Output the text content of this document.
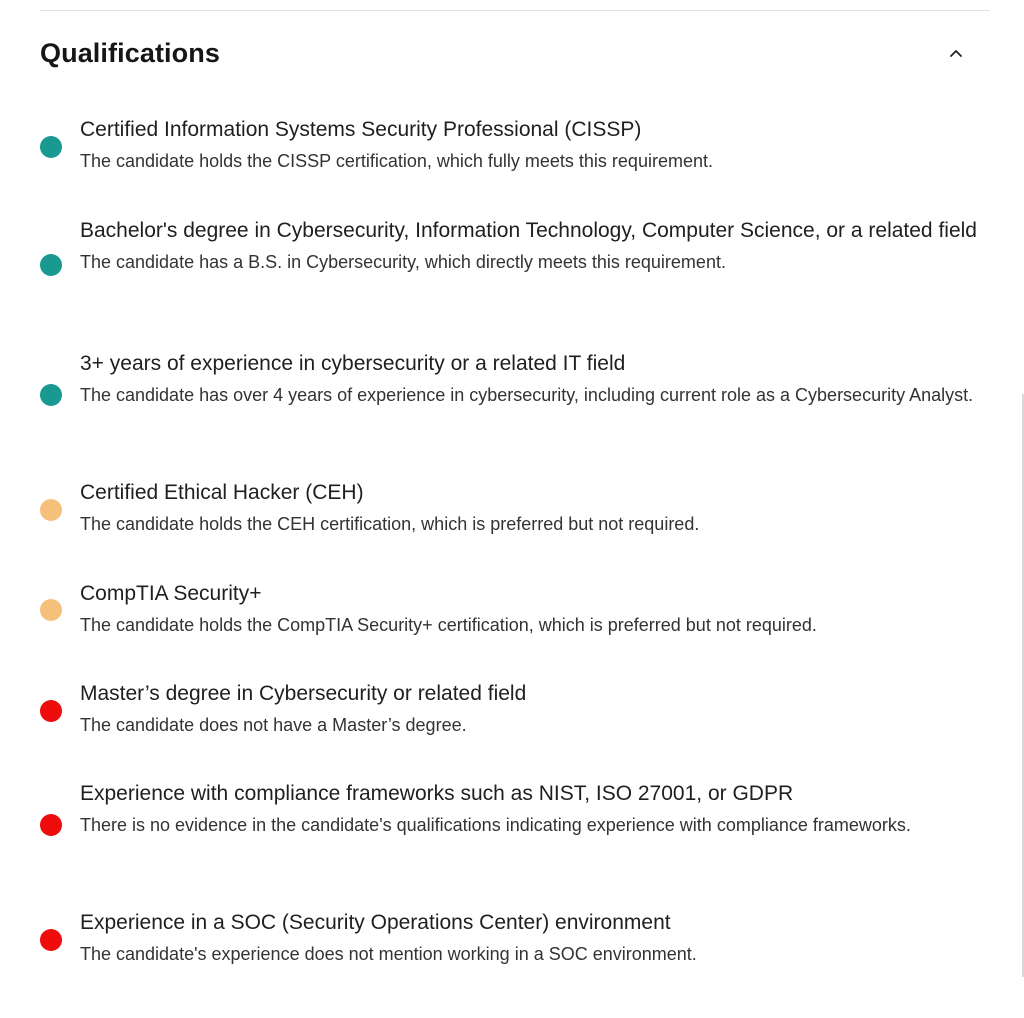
Qualifications

Certified Information Systems Security Professional (CISSP)

The candidate holds the CISSP certification, which fully meets this requirement.

Bachelor's degree in Cybersecurity, Information Technology, Computer Science, or a related field

The candidate has a B.S. in Cybersecurity, which directly meets this requirement.

3+ years of experience in cybersecurity or a related IT field

The candidate has over 4 years of experience in cybersecurity, including current role as a Cybersecurity Analyst.

Certified Ethical Hacker (CEH)

The candidate holds the CEH certification, which is preferred but not required.

CompTIA Security+

The candidate holds the CompTIA Security+ certification, which is preferred but not required.

Master’s degree in Cybersecurity or related field

The candidate does not have a Master’s degree.

Experience with compliance frameworks such as NIST, ISO 27001, or GDPR

There is no evidence in the candidate's qualifications indicating experience with compliance frameworks.

Experience in a SOC (Security Operations Center) environment

The candidate's experience does not mention working in a SOC environment.
